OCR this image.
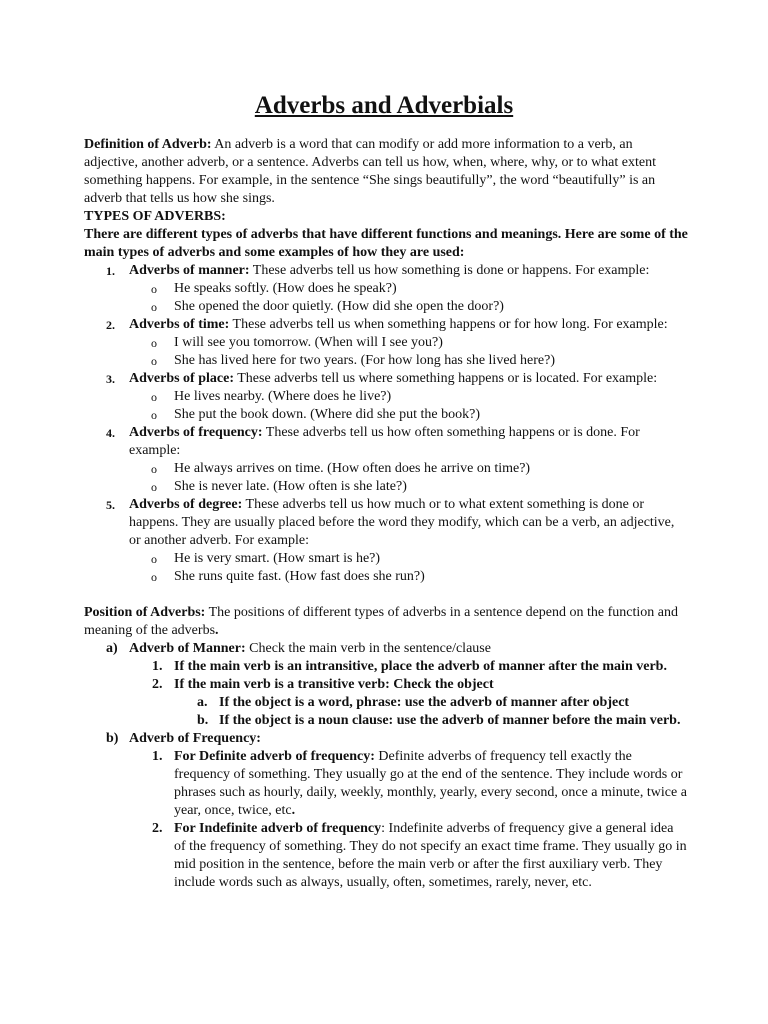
Adverbs and Adverbials

Definition of Adverb: An adverb is a word that can modify or add more information to a verb, an adjective, another adverb, or a sentence. Adverbs can tell us how, when, where, why, or to what extent something happens. For example, in the sentence “She sings beautifully”, the word “beautifully” is an adverb that tells us how she sings.

TYPES OF ADVERBS:

There are different types of adverbs that have different functions and meanings. Here are some of the main types of adverbs and some examples of how they are used:

1. Adverbs of manner: These adverbs tell us how something is done or happens. For example:
o He speaks softly. (How does he speak?)
o She opened the door quietly. (How did she open the door?)
2. Adverbs of time: These adverbs tell us when something happens or for how long. For example:
o I will see you tomorrow. (When will I see you?)
o She has lived here for two years. (For how long has she lived here?)
3. Adverbs of place: These adverbs tell us where something happens or is located. For example:
o He lives nearby. (Where does he live?)
o She put the book down. (Where did she put the book?)
4. Adverbs of frequency: These adverbs tell us how often something happens or is done. For example:
o He always arrives on time. (How often does he arrive on time?)
o She is never late. (How often is she late?)
5. Adverbs of degree: These adverbs tell us how much or to what extent something is done or happens. They are usually placed before the word they modify, which can be a verb, an adjective, or another adverb. For example:
o He is very smart. (How smart is he?)
o She runs quite fast. (How fast does she run?)

Position of Adverbs: The positions of different types of adverbs in a sentence depend on the function and meaning of the adverbs.

a) Adverb of Manner: Check the main verb in the sentence/clause
1. If the main verb is an intransitive, place the adverb of manner after the main verb.
2. If the main verb is a transitive verb: Check the object
a. If the object is a word, phrase: use the adverb of manner after object
b. If the object is a noun clause: use the adverb of manner before the main verb.
b) Adverb of Frequency:
1. For Definite adverb of frequency: Definite adverbs of frequency tell exactly the frequency of something. They usually go at the end of the sentence. They include words or phrases such as hourly, daily, weekly, monthly, yearly, every second, once a minute, twice a year, once, twice, etc.
2. For Indefinite adverb of frequency: Indefinite adverbs of frequency give a general idea of the frequency of something. They do not specify an exact time frame. They usually go in mid position in the sentence, before the main verb or after the first auxiliary verb. They include words such as always, usually, often, sometimes, rarely, never, etc.
